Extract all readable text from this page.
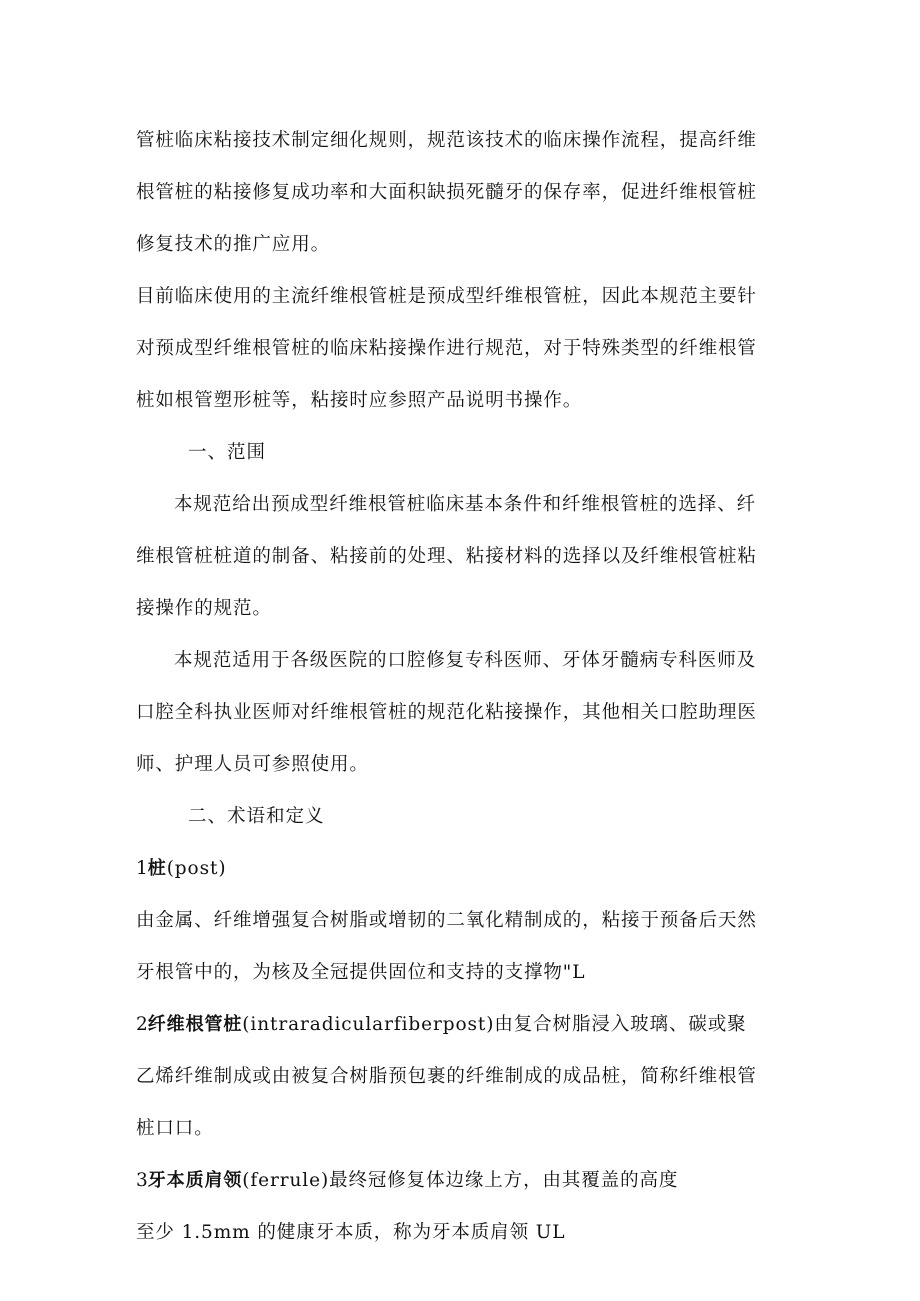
管桩临床粘接技术制定细化规则，规范该技术的临床操作流程，提高纤维
根管桩的粘接修复成功率和大面积缺损死髓牙的保存率，促进纤维根管桩
修复技术的推广应用。
目前临床使用的主流纤维根管桩是预成型纤维根管桩，因此本规范主要针
对预成型纤维根管桩的临床粘接操作进行规范，对于特殊类型的纤维根管
桩如根管塑形桩等，粘接时应参照产品说明书操作。
一、范围
本规范给出预成型纤维根管桩临床基本条件和纤维根管桩的选择、纤
维根管桩桩道的制备、粘接前的处理、粘接材料的选择以及纤维根管桩粘
接操作的规范。
本规范适用于各级医院的口腔修复专科医师、牙体牙髓病专科医师及
口腔全科执业医师对纤维根管桩的规范化粘接操作，其他相关口腔助理医
师、护理人员可参照使用。
二、术语和定义
1桩(post)
由金属、纤维增强复合树脂或增韧的二氧化精制成的，粘接于预备后天然
牙根管中的，为核及全冠提供固位和支持的支撑物"L
2纤维根管桩(intraradicularfiberpost)由复合树脂浸入玻璃、碳或聚
乙烯纤维制成或由被复合树脂预包裹的纤维制成的成品桩，简称纤维根管
桩口口。
3牙本质肩领(ferrule)最终冠修复体边缘上方，由其覆盖的高度
至少 1.5mm 的健康牙本质，称为牙本质肩领 UL
